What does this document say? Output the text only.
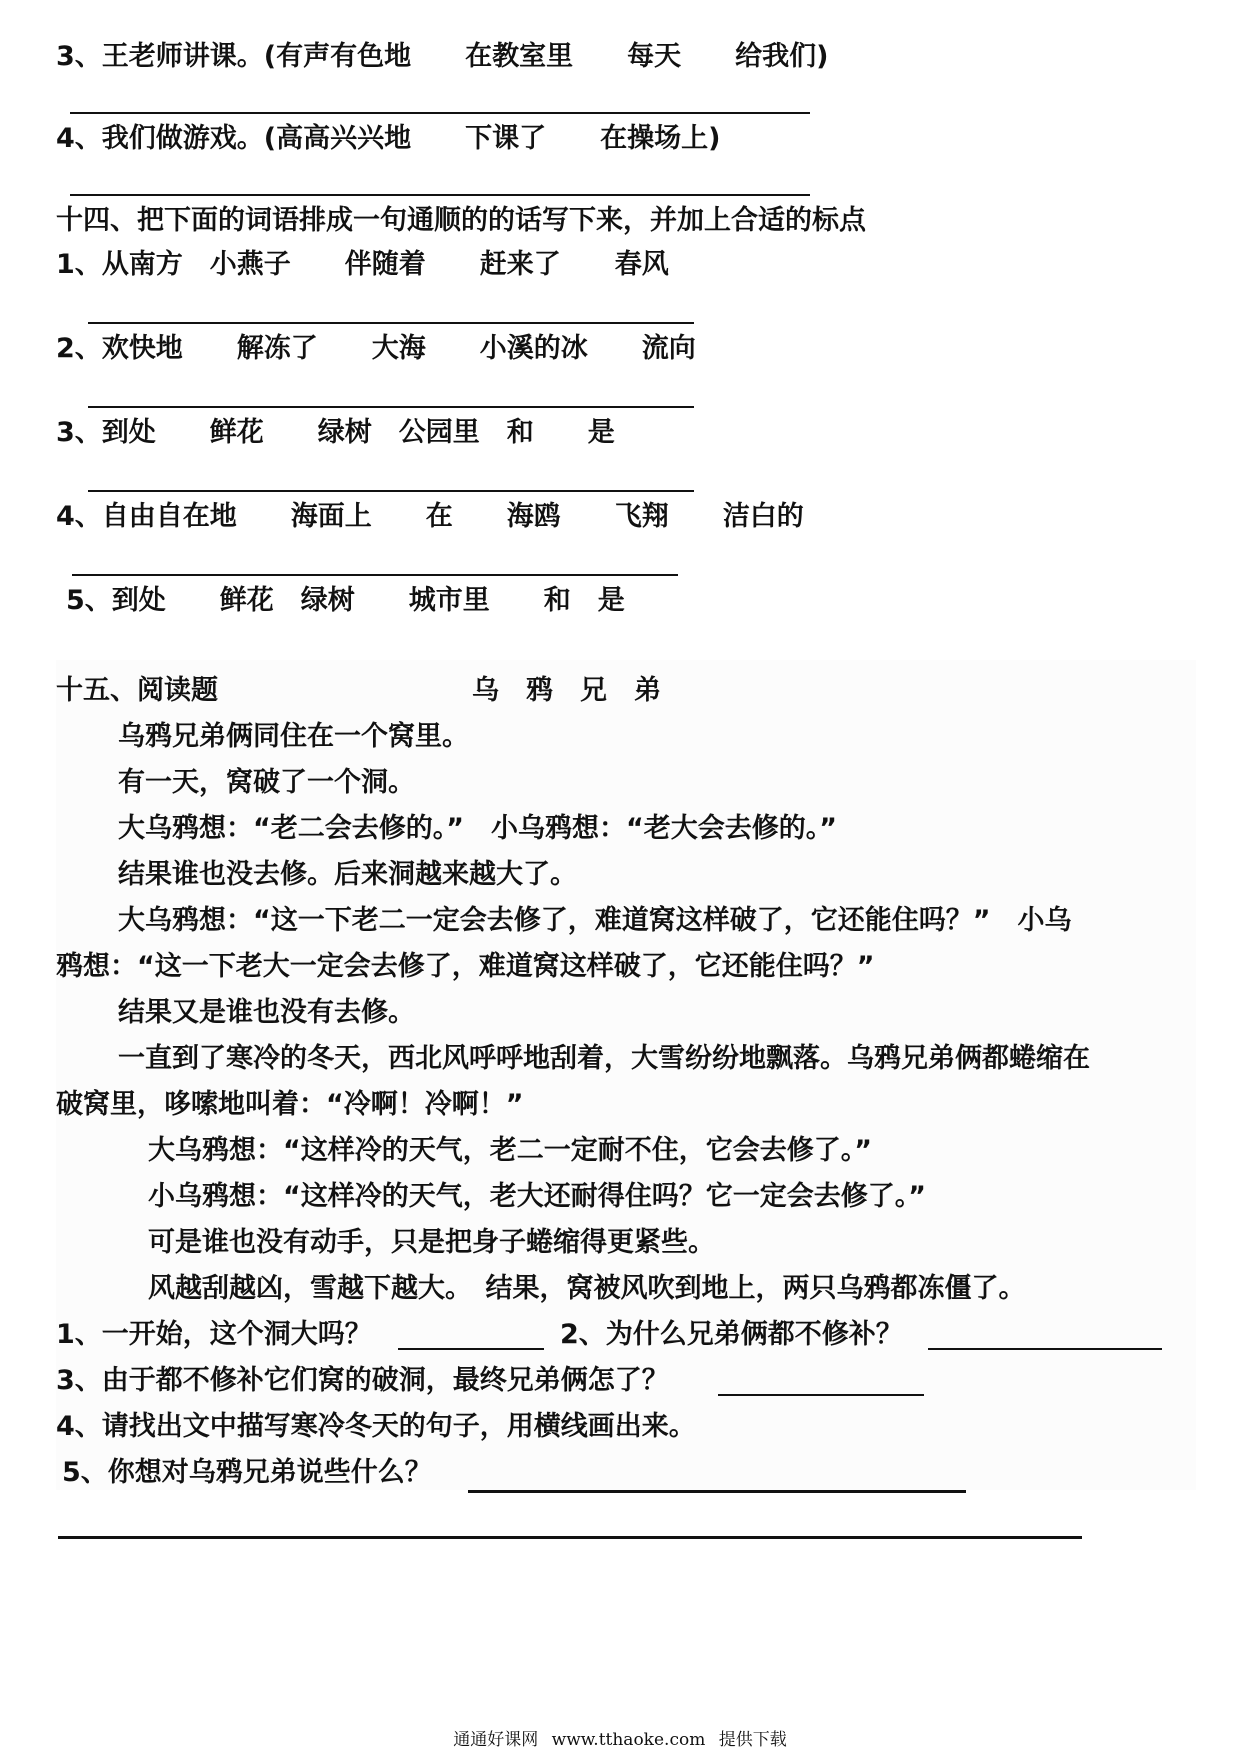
3、王老师讲课。(有声有色地　　在教室里　　每天　　给我们)
4、我们做游戏。(高高兴兴地　　下课了　　在操场上)
十四、把下面的词语排成一句通顺的的话写下来，并加上合适的标点
1、从南方　小燕子　　伴随着　　赶来了　　春风
2、欢快地　　解冻了　　大海　　小溪的冰　　流向
3、到处　　鲜花　　绿树　公园里　和　　是
4、自由自在地　　海面上　　在　　海鸥　　飞翔　　洁白的
5、到处　　鲜花　绿树　　城市里　　和　是
十五、阅读题	乌　鸦　兄　弟
乌鸦兄弟俩同住在一个窝里。
有一天，窝破了一个洞。
大乌鸦想：“老二会去修的。”　小乌鸦想：“老大会去修的。”
结果谁也没去修。后来洞越来越大了。
大乌鸦想：“这一下老二一定会去修了，难道窝这样破了，它还能住吗？”　小乌
鸦想：“这一下老大一定会去修了，难道窝这样破了，它还能住吗？”
结果又是谁也没有去修。
一直到了寒冷的冬天，西北风呼呼地刮着，大雪纷纷地飘落。乌鸦兄弟俩都蜷缩在
破窝里，哆嗦地叫着：“冷啊！冷啊！”
大乌鸦想：“这样冷的天气，老二一定耐不住，它会去修了。”
小乌鸦想：“这样冷的天气，老大还耐得住吗？它一定会去修了。”
可是谁也没有动手，只是把身子蜷缩得更紧些。
风越刮越凶，雪越下越大。　结果，窝被风吹到地上，两只乌鸦都冻僵了。
1、一开始，这个洞大吗？	2、为什么兄弟俩都不修补？
3、由于都不修补它们窝的破洞，最终兄弟俩怎了？
4、请找出文中描写寒冷冬天的句子，用横线画出来。
5、你想对乌鸦兄弟说些什么？
通通好课网 www.tthaoke.com 提供下载
